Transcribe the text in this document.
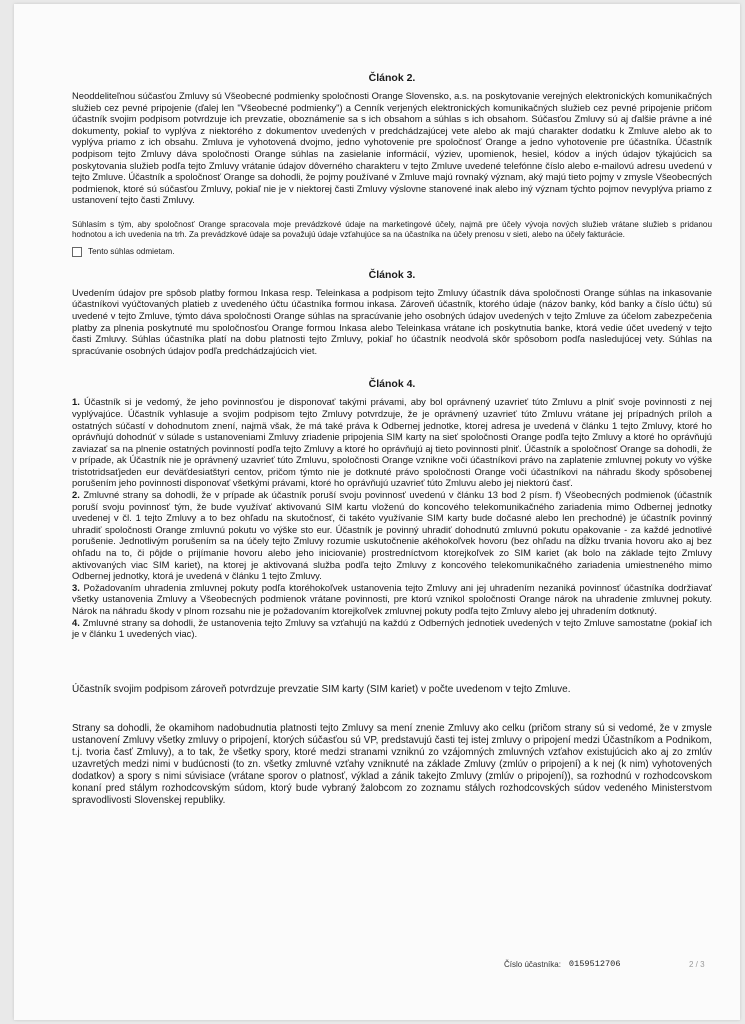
Článok 2.

Neoddeliteľnou súčasťou Zmluvy sú Všeobecné podmienky spoločnosti Orange Slovensko, a.s. na poskytovanie verejných elektronických komunikačných služieb cez pevné pripojenie (ďalej len "Všeobecné podmienky") a Cenník verjených elektronických komunikačných služieb cez pevné pripojenie pričom účastník svojim podpisom potvrdzuje ich prevzatie, oboznámenie sa s ich obsahom a súhlas s ich obsahom. Súčasťou Zmluvy sú aj ďalšie právne a iné dokumenty, pokiaľ to vyplýva z niektorého z dokumentov uvedených v predchádzajúcej vete alebo ak majú charakter dodatku k Zmluve alebo ak to vyplýva priamo z ich obsahu. Zmluva je vyhotovená dvojmo, jedno vyhotovenie pre spoločnosť Orange a jedno vyhotovenie pre účastníka. Účastník podpisom tejto Zmluvy dáva spoločnosti Orange súhlas na zasielanie informácií, výziev, upomienok, hesiel, kódov a iných údajov týkajúcich sa poskytovania služieb podľa tejto Zmluvy vrátanie údajov dôverného charakteru v tejto Zmluve uvedené telefónne číslo alebo e-mailovú adresu uvedenú v tejto Zmluve. Účastník a spoločnosť Orange sa dohodli, že pojmy používané v Zmluve majú rovnaký význam, aký majú tieto pojmy v zmysle Všeobecných podmienok, ktoré sú súčasťou Zmluvy, pokiaľ nie je v niektorej časti Zmluvy výslovne stanovené inak alebo iný význam týchto pojmov nevyplýva priamo z ustanovení tejto časti Zmluvy.

Súhlasím s tým, aby spoločnosť Orange spracovala moje prevádzkové údaje na marketingové účely, najmä pre účely vývoja nových služieb vrátane služieb s pridanou hodnotou a ich uvedenia na trh. Za prevádzkové údaje sa považujú údaje vzťahujúce sa na účastníka na účely prenosu v sieti, alebo na účely fakturácie.

Tento súhlas odmietam.
Článok 3.

Uvedením údajov pre spôsob platby formou Inkasa resp. Teleinkasa a podpisom tejto Zmluvy účastník dáva spoločnosti Orange súhlas na inkasovanie účastníkovi vyúčtovaných platieb z uvedeného účtu účastníka formou inkasa. Zároveň účastník, ktorého údaje (názov banky, kód banky a číslo účtu) sú uvedené v tejto Zmluve, týmto dáva spoločnosti Orange súhlas na spracúvanie jeho osobných údajov uvedených v tejto Zmluve za účelom zabezpečenia platby za plnenia poskytnuté mu spoločnosťou Orange formou Inkasa alebo Teleinkasa vrátane ich poskytnutia banke, ktorá vedie účet uvedený v tejto časti Zmluvy. Súhlas účastníka platí na dobu platnosti tejto Zmluvy, pokiaľ ho účastník neodvolá skôr spôsobom podľa nasledujúcej vety. Súhlas na spracúvanie osobných údajov podľa predchádzajúcich viet.

Článok 4.

1. Účastník si je vedomý, že jeho povinnosťou je disponovať takými právami, aby bol oprávnený uzavrieť túto Zmluvu a plniť svoje povinnosti z nej vyplývajúce. Účastník vyhlasuje a svojim podpisom tejto Zmluvy potvrdzuje, že je oprávnený uzavrieť túto Zmluvu vrátane jej prípadných príloh a ostatných súčastí v dohodnutom znení, najmä však, že má také práva k Odbernej jednotke, ktorej adresa je uvedená v článku 1 tejto Zmluvy, ktoré ho oprávňujú dohodnúť v súlade s ustanoveniami Zmluvy zriadenie pripojenia SIM karty na sieť spoločnosti Orange podľa tejto Zmluvy a ktoré ho oprávňujú zaviazať sa na plnenie ostatných povinností podľa tejto Zmluvy a ktoré ho oprávňujú aj tieto povinnosti plniť. Účastník a spoločnosť Orange sa dohodli, že v prípade, ak Účastník nie je oprávnený uzavrieť túto Zmluvu, spoločnosti Orange vznikne voči účastníkovi právo na zaplatenie zmluvnej pokuty vo výške tristotridsaťjeden eur deväťdesiatštyri centov, pričom týmto nie je dotknuté právo spoločnosti Orange voči účastníkovi na náhradu škody spôsobenej porušením jeho povinnosti disponovať všetkými právami, ktoré ho oprávňujú uzavrieť túto Zmluvu alebo jej niektorú časť.

2. Zmluvné strany sa dohodli, že v prípade ak účastník poruší svoju povinnosť uvedenú v článku 13 bod 2 písm. f) Všeobecných podmienok (účastník poruší svoju povinnosť tým, že bude využívať aktivovanú SIM kartu vloženú do koncového telekomunikačného zariadenia mimo Odbernej jednotky uvedenej v čl. 1 tejto Zmluvy a to bez ohľadu na skutočnosť, či takéto využívanie SIM karty bude dočasné alebo len prechodné) je účastník povinný uhradiť spoločnosti Orange zmluvnú pokutu vo výške sto eur. Účastník je povinný uhradiť dohodnutú zmluvnú pokutu opakovanie - za každé jednotlivé porušenie. Jednotlivým porušením sa na účely tejto Zmluvy rozumie uskutočnenie akéhokoľvek hovoru (bez ohľadu na dĺžku trvania hovoru ako aj bez ohľadu na to, či pôjde o prijímanie hovoru alebo jeho iniciovanie) prostredníctvom ktorejkoľvek zo SIM kariet (ak bolo na základe tejto Zmluvy aktivovaných viac SIM kariet), na ktorej je aktivovaná služba podľa tejto Zmluvy z koncového telekomunikačného zariadenia umiestneného mimo Odbernej jednotky, ktorá je uvedená v článku 1 tejto Zmluvy.

3. Požadovaním uhradenia zmluvnej pokuty podľa ktoréhokoľvek ustanovenia tejto Zmluvy ani jej uhradením nezaniká povinnosť účastníka dodržiavať všetky ustanovenia Zmluvy a Všeobecných podmienok vrátane povinnosti, pre ktorú vznikol spoločnosti Orange nárok na uhradenie zmluvnej pokuty. Nárok na náhradu škody v plnom rozsahu nie je požadovaním ktorejkoľvek zmluvnej pokuty podľa tejto Zmluvy alebo jej uhradením dotknutý.

4. Zmluvné strany sa dohodli, že ustanovenia tejto Zmluvy sa vzťahujú na každú z Odberných jednotiek uvedených v tejto Zmluve samostatne (pokiaľ ich je v článku 1 uvedených viac).

Účastník svojim podpisom zároveň potvrdzuje prevzatie SIM karty (SIM kariet) v počte uvedenom v tejto Zmluve.

Strany sa dohodli, že okamihom nadobudnutia platnosti tejto Zmluvy sa mení znenie Zmluvy ako celku (pričom strany sú si vedomé, že v zmysle ustanovení Zmluvy všetky zmluvy o pripojení, ktorých súčasťou sú VP, predstavujú časti tej istej zmluvy o pripojení medzi Účastníkom a Podnikom, t.j. tvoria časť Zmluvy), a to tak, že všetky spory, ktoré medzi stranami vzniknú zo vzájomných zmluvných vzťahov existujúcich ako aj zo zmlúv uzavretých medzi nimi v budúcnosti (to zn. všetky zmluvné vzťahy vzniknuté na základe Zmluvy (zmlúv o pripojení) a k nej (k nim) vyhotovených dodatkov) a spory s nimi súvisiace (vrátane sporov o platnosť, výklad a zánik takejto Zmluvy (zmlúv o pripojení)), sa rozhodnú v rozhodcovskom konaní pred stálym rozhodcovským súdom, ktorý bude vybraný žalobcom zo zoznamu stálych rozhodcovských súdov vedeného Ministerstvom spravodlivosti Slovenskej republiky.

Číslo účastníka: 0159512706	2 / 3
